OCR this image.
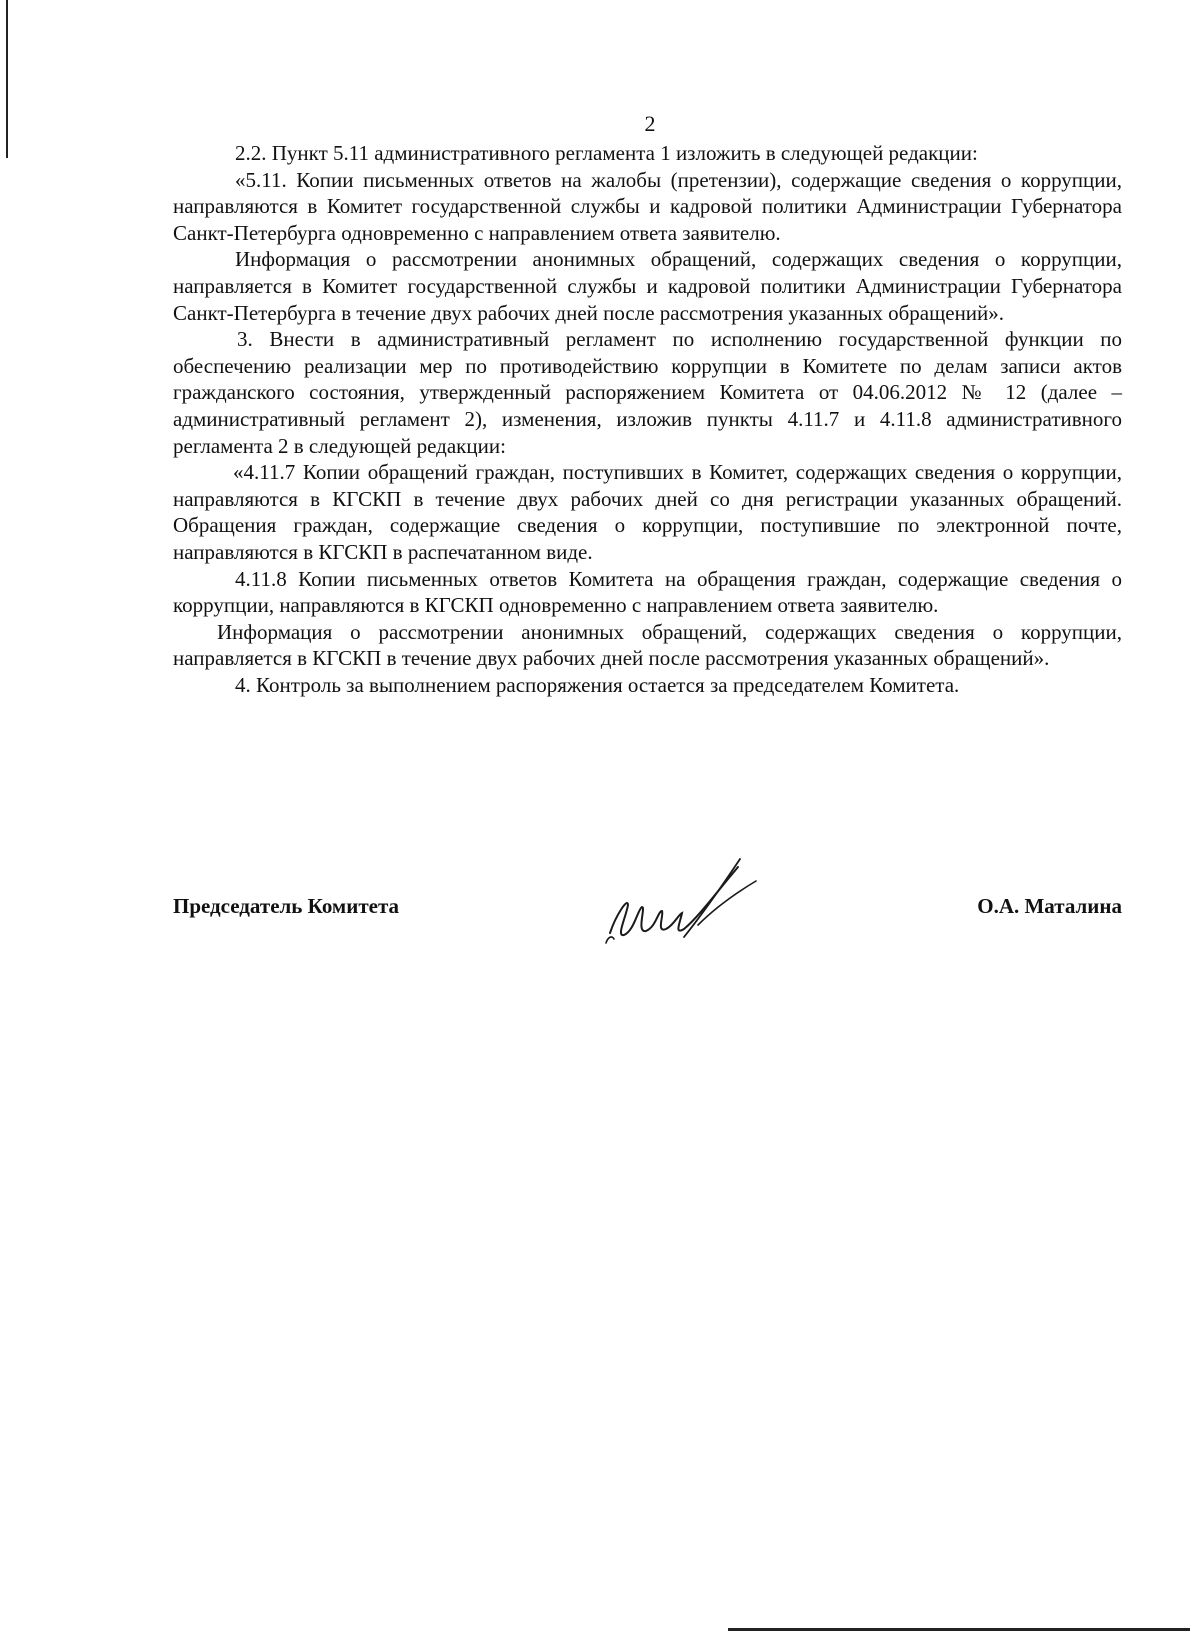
2

2.2. Пункт 5.11 административного регламента 1 изложить в следующей редакции:

«5.11. Копии письменных ответов на жалобы (претензии), содержащие сведения о коррупции, направляются в Комитет государственной службы и кадровой политики Администрации Губернатора Санкт-Петербурга одновременно с направлением ответа заявителю.

Информация о рассмотрении анонимных обращений, содержащих сведения о коррупции, направляется в Комитет государственной службы и кадровой политики Администрации Губернатора Санкт-Петербурга в течение двух рабочих дней после рассмотрения указанных обращений».

3. Внести в административный регламент по исполнению государственной функции по обеспечению реализации мер по противодействию коррупции в Комитете по делам записи актов гражданского состояния, утвержденный распоряжением Комитета от 04.06.2012 № 12 (далее – административный регламент 2), изменения, изложив пункты 4.11.7 и 4.11.8 административного регламента 2 в следующей редакции:

«4.11.7 Копии обращений граждан, поступивших в Комитет, содержащих сведения о коррупции, направляются в КГСКП в течение двух рабочих дней со дня регистрации указанных обращений. Обращения граждан, содержащие сведения о коррупции, поступившие по электронной почте, направляются в КГСКП в распечатанном виде.

4.11.8 Копии письменных ответов Комитета на обращения граждан, содержащие сведения о коррупции, направляются в КГСКП одновременно с направлением ответа заявителю.

Информация о рассмотрении анонимных обращений, содержащих сведения о коррупции, направляется в КГСКП в течение двух рабочих дней после рассмотрения указанных обращений».

4. Контроль за выполнением распоряжения остается за председателем Комитета.

Председатель Комитета	О.А. Маталина
